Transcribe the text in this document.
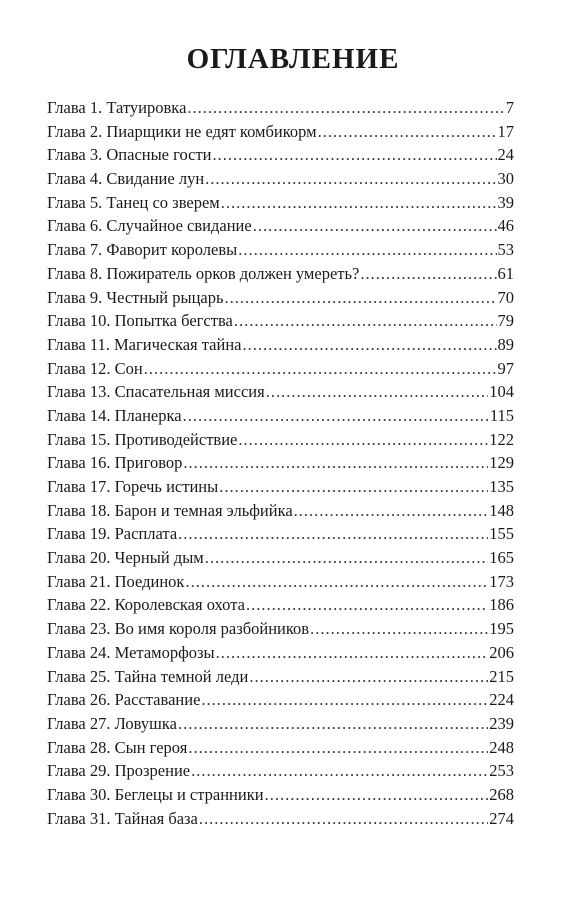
ОГЛАВЛЕНИЕ
Глава 1. Татуировка .....	7
Глава 2. Пиарщики не едят комбикорм .....	17
Глава 3. Опасные гости .....	24
Глава 4. Свидание лун .....	30
Глава 5. Танец со зверем .....	39
Глава 6. Случайное свидание .....	46
Глава 7. Фаворит королевы .....	53
Глава 8. Пожиратель орков должен умереть? .....	61
Глава 9. Честный рыцарь .....	70
Глава 10. Попытка бегства .....	79
Глава 11. Магическая тайна .....	89
Глава 12. Сон .....	97
Глава 13. Спасательная миссия .....	104
Глава 14. Планерка .....	115
Глава 15. Противодействие .....	122
Глава 16. Приговор .....	129
Глава 17. Горечь истины .....	135
Глава 18. Барон и темная эльфийка .....	148
Глава 19. Расплата .....	155
Глава 20. Черный дым .....	165
Глава 21. Поединок .....	173
Глава 22. Королевская охота .....	186
Глава 23. Во имя короля разбойников .....	195
Глава 24. Метаморфозы .....	206
Глава 25. Тайна темной леди .....	215
Глава 26. Расставание .....	224
Глава 27. Ловушка .....	239
Глава 28. Сын героя .....	248
Глава 29. Прозрение .....	253
Глава 30. Беглецы и странники .....	268
Глава 31. Тайная база .....	274
